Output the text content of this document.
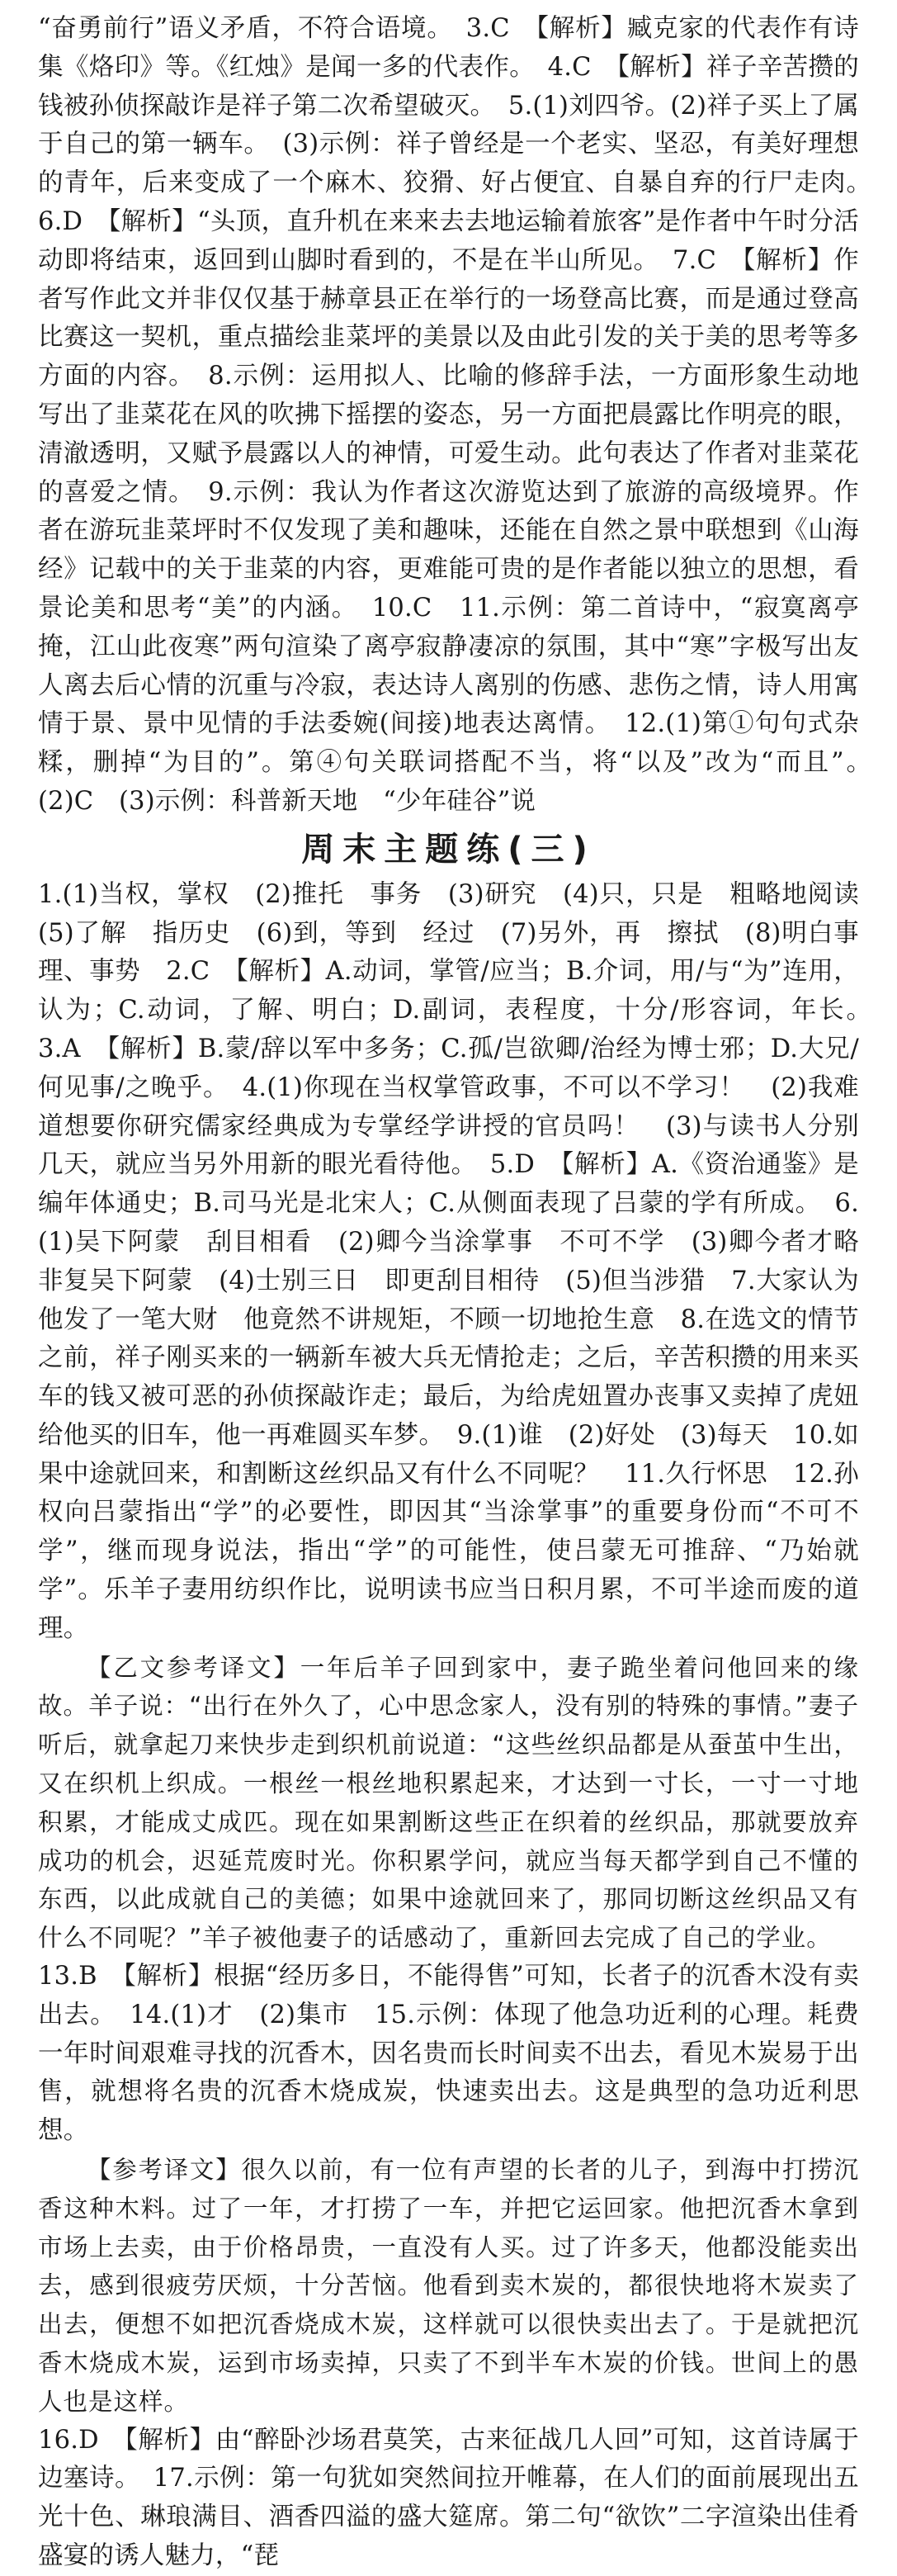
“奋勇前行”语义矛盾，不符合语境。　3.C　【解析】臧克家的代表作有诗集《烙印》等。《红烛》是闻一多的代表作。　4.C　【解析】祥子辛苦攒的钱被孙侦探敲诈是祥子第二次希望破灭。　5.(1)刘四爷。(2)祥子买上了属于自己的第一辆车。　(3)示例：祥子曾经是一个老实、坚忍，有美好理想的青年，后来变成了一个麻木、狡猾、好占便宜、自暴自弃的行尸走肉。　6.D　【解析】“头顶，直升机在来来去去地运输着旅客”是作者中午时分活动即将结束，返回到山脚时看到的，不是在半山所见。　7.C　【解析】作者写作此文并非仅仅基于赫章县正在举行的一场登高比赛，而是通过登高比赛这一契机，重点描绘韭菜坪的美景以及由此引发的关于美的思考等多方面的内容。　8.示例：运用拟人、比喻的修辞手法，一方面形象生动地写出了韭菜花在风的吹拂下摇摆的姿态，另一方面把晨露比作明亮的眼，清澈透明，又赋予晨露以人的神情，可爱生动。此句表达了作者对韭菜花的喜爱之情。　9.示例：我认为作者这次游览达到了旅游的高级境界。作者在游玩韭菜坪时不仅发现了美和趣味，还能在自然之景中联想到《山海经》记载中的关于韭菜的内容，更难能可贵的是作者能以独立的思想，看景论美和思考“美”的内涵。　10.C　11.示例：第二首诗中，“寂寞离亭掩，江山此夜寒”两句渲染了离亭寂静凄凉的氛围，其中“寒”字极写出友人离去后心情的沉重与冷寂，表达诗人离别的伤感、悲伤之情，诗人用寓情于景、景中见情的手法委婉(间接)地表达离情。　12.(1)第①句句式杂糅，删掉“为目的”。第④句关联词搭配不当，将“以及”改为“而且”。　(2)C　(3)示例：科普新天地　“少年硅谷”说

周末主题练(三)

1.(1)当权，掌权　(2)推托　事务　(3)研究　(4)只，只是　粗略地阅读　(5)了解　指历史　(6)到，等到　经过　(7)另外，再　擦拭　(8)明白事理、事势　2.C　【解析】A.动词，掌管/应当；B.介词，用/与“为”连用，认为；C.动词，了解、明白；D.副词，表程度，十分/形容词，年长。　3.A　【解析】B.蒙/辞以军中多务；C.孤/岂欲卿/治经为博士邪；D.大兄/何见事/之晚乎。　4.(1)你现在当权掌管政事，不可以不学习！　(2)我难道想要你研究儒家经典成为专掌经学讲授的官员吗！　(3)与读书人分别几天，就应当另外用新的眼光看待他。　5.D　【解析】A.《资治通鉴》是编年体通史；B.司马光是北宋人；C.从侧面表现了吕蒙的学有所成。　6.(1)吴下阿蒙　刮目相看　(2)卿今当涂掌事　不可不学　(3)卿今者才略　非复吴下阿蒙　(4)士别三日　即更刮目相待　(5)但当涉猎　7.大家认为他发了一笔大财　他竟然不讲规矩，不顾一切地抢生意　8.在选文的情节之前，祥子刚买来的一辆新车被大兵无情抢走；之后，辛苦积攒的用来买车的钱又被可恶的孙侦探敲诈走；最后，为给虎妞置办丧事又卖掉了虎妞给他买的旧车，他一再难圆买车梦。　9.(1)谁　(2)好处　(3)每天　10.如果中途就回来，和割断这丝织品又有什么不同呢？　11.久行怀思　12.孙权向吕蒙指出“学”的必要性，即因其“当涂掌事”的重要身份而“不可不学”，继而现身说法，指出“学”的可能性，使吕蒙无可推辞、“乃始就学”。乐羊子妻用纺织作比，说明读书应当日积月累，不可半途而废的道理。

【乙文参考译文】一年后羊子回到家中，妻子跪坐着问他回来的缘故。羊子说：“出行在外久了，心中思念家人，没有别的特殊的事情。”妻子听后，就拿起刀来快步走到织机前说道：“这些丝织品都是从蚕茧中生出，又在织机上织成。一根丝一根丝地积累起来，才达到一寸长，一寸一寸地积累，才能成丈成匹。现在如果割断这些正在织着的丝织品，那就要放弃成功的机会，迟延荒废时光。你积累学问，就应当每天都学到自己不懂的东西，以此成就自己的美德；如果中途就回来了，那同切断这丝织品又有什么不同呢？”羊子被他妻子的话感动了，重新回去完成了自己的学业。

13.B　【解析】根据“经历多日，不能得售”可知，长者子的沉香木没有卖出去。　14.(1)才　(2)集市　15.示例：体现了他急功近利的心理。耗费一年时间艰难寻找的沉香木，因名贵而长时间卖不出去，看见木炭易于出售，就想将名贵的沉香木烧成炭，快速卖出去。这是典型的急功近利思想。

【参考译文】很久以前，有一位有声望的长者的儿子，到海中打捞沉香这种木料。过了一年，才打捞了一车，并把它运回家。他把沉香木拿到市场上去卖，由于价格昂贵，一直没有人买。过了许多天，他都没能卖出去，感到很疲劳厌烦，十分苦恼。他看到卖木炭的，都很快地将木炭卖了出去，便想不如把沉香烧成木炭，这样就可以很快卖出去了。于是就把沉香木烧成木炭，运到市场卖掉，只卖了不到半车木炭的价钱。世间上的愚人也是这样。

16.D　【解析】由“醉卧沙场君莫笑，古来征战几人回”可知，这首诗属于边塞诗。　17.示例：第一句犹如突然间拉开帷幕，在人们的面前展现出五光十色、琳琅满目、酒香四溢的盛大筵席。第二句“欲饮”二字渲染出佳肴盛宴的诱人魅力，“琵
